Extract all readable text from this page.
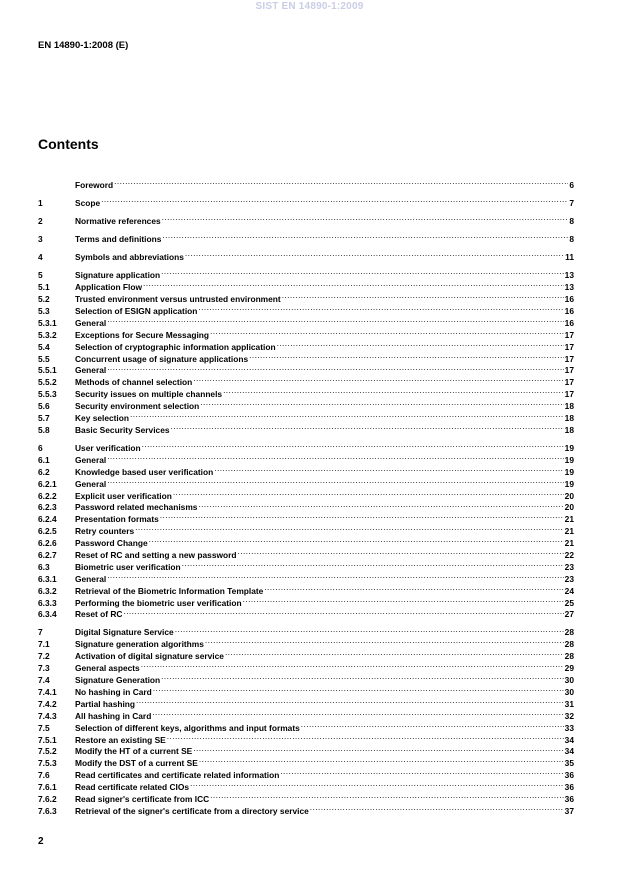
SIST EN 14890-1:2009
EN 14890-1:2008 (E)
Contents
Foreword .....	6
1	Scope .....	7
2	Normative references .....	8
3	Terms and definitions .....	8
4	Symbols and abbreviations .....	11
5	Signature application .....	13
5.1	Application Flow .....	13
5.2	Trusted environment versus untrusted environment .....	16
5.3	Selection of ESIGN application .....	16
5.3.1	General .....	16
5.3.2	Exceptions for Secure Messaging .....	17
5.4	Selection of cryptographic information application .....	17
5.5	Concurrent usage of signature applications .....	17
5.5.1	General .....	17
5.5.2	Methods of channel selection .....	17
5.5.3	Security issues on multiple channels .....	17
5.6	Security environment selection .....	18
5.7	Key selection .....	18
5.8	Basic Security Services .....	18
6	User verification .....	19
6.1	General .....	19
6.2	Knowledge based user verification .....	19
6.2.1	General .....	19
6.2.2	Explicit user verification .....	20
6.2.3	Password related mechanisms .....	20
6.2.4	Presentation formats .....	21
6.2.5	Retry counters .....	21
6.2.6	Password Change .....	21
6.2.7	Reset of RC and setting a new password .....	22
6.3	Biometric user verification .....	23
6.3.1	General .....	23
6.3.2	Retrieval of the Biometric Information Template .....	24
6.3.3	Performing the biometric user verification .....	25
6.3.4	Reset of RC .....	27
7	Digital Signature Service .....	28
7.1	Signature generation algorithms .....	28
7.2	Activation of digital signature service .....	28
7.3	General aspects .....	29
7.4	Signature Generation .....	30
7.4.1	No hashing in Card .....	30
7.4.2	Partial hashing .....	31
7.4.3	All hashing in Card .....	32
7.5	Selection of different keys, algorithms and input formats .....	33
7.5.1	Restore an existing SE .....	34
7.5.2	Modify the HT of a current SE .....	34
7.5.3	Modify the DST of a current SE .....	35
7.6	Read certificates and certificate related information .....	36
7.6.1	Read certificate related CIOs .....	36
7.6.2	Read signer's certificate from ICC .....	36
7.6.3	Retrieval of the signer's certificate from a directory service .....	37
2
